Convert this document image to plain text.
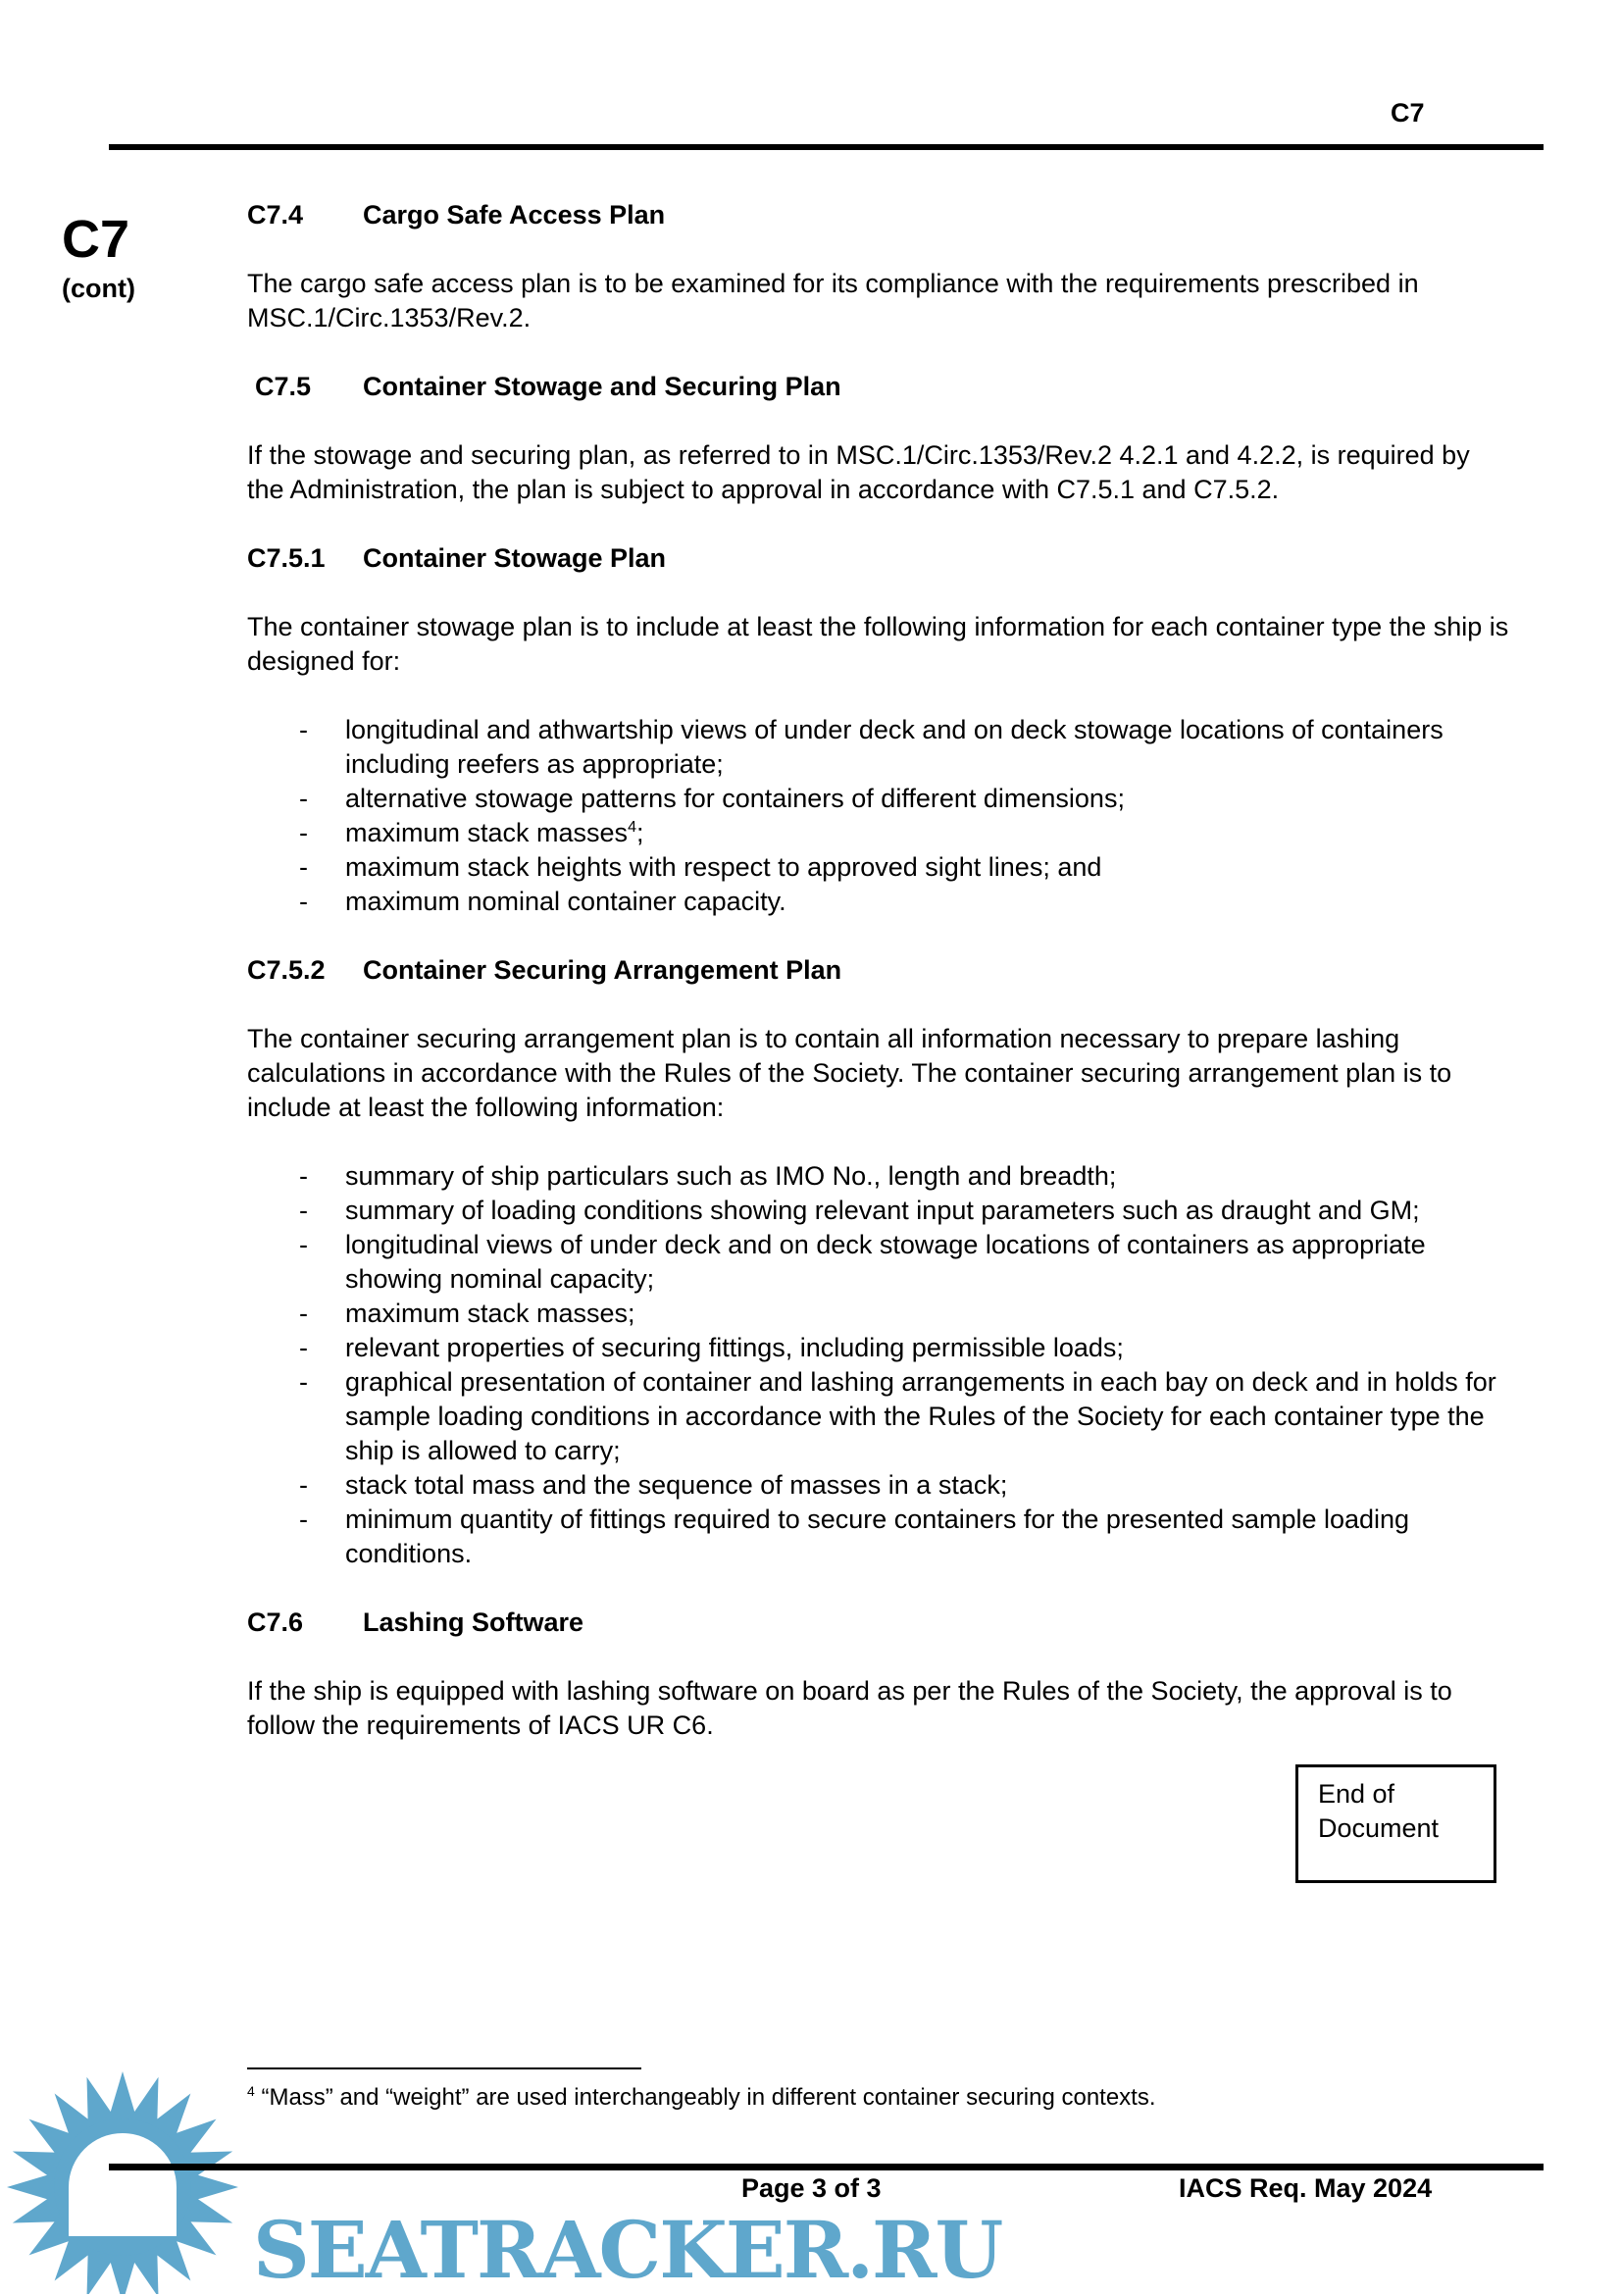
C7
C7
(cont)
C7.4 Cargo Safe Access Plan

The cargo safe access plan is to be examined for its compliance with the requirements prescribed in MSC.1/Circ.1353/Rev.2.

C7.5 Container Stowage and Securing Plan

If the stowage and securing plan, as referred to in MSC.1/Circ.1353/Rev.2 4.2.1 and 4.2.2, is required by the Administration, the plan is subject to approval in accordance with C7.5.1 and C7.5.2.

C7.5.1 Container Stowage Plan

The container stowage plan is to include at least the following information for each container type the ship is designed for:

- longitudinal and athwartship views of under deck and on deck stowage locations of containers including reefers as appropriate;
- alternative stowage patterns for containers of different dimensions;
- maximum stack masses$^4$;
- maximum stack heights with respect to approved sight lines; and
- maximum nominal container capacity.
C7.5.2 Container Securing Arrangement Plan

The container securing arrangement plan is to contain all information necessary to prepare lashing calculations in accordance with the Rules of the Society. The container securing arrangement plan is to include at least the following information:

- summary of ship particulars such as IMO No., length and breadth;
- summary of loading conditions showing relevant input parameters such as draught and GM;
- longitudinal views of under deck and on deck stowage locations of containers as appropriate showing nominal capacity;
- maximum stack masses;
- relevant properties of securing fittings, including permissible loads;
- graphical presentation of container and lashing arrangements in each bay on deck and in holds for sample loading conditions in accordance with the Rules of the Society for each container type the ship is allowed to carry;
- stack total mass and the sequence of masses in a stack;
- minimum quantity of fittings required to secure containers for the presented sample loading conditions.
C7.6 Lashing Software

If the ship is equipped with lashing software on board as per the Rules of the Society, the approval is to follow the requirements of IACS UR C6.

End of Document
$^4$ “Mass” and “weight” are used interchangeably in different container securing contexts.
Page 3 of 3	IACS Req. May 2024
SEATRACKER.RU
